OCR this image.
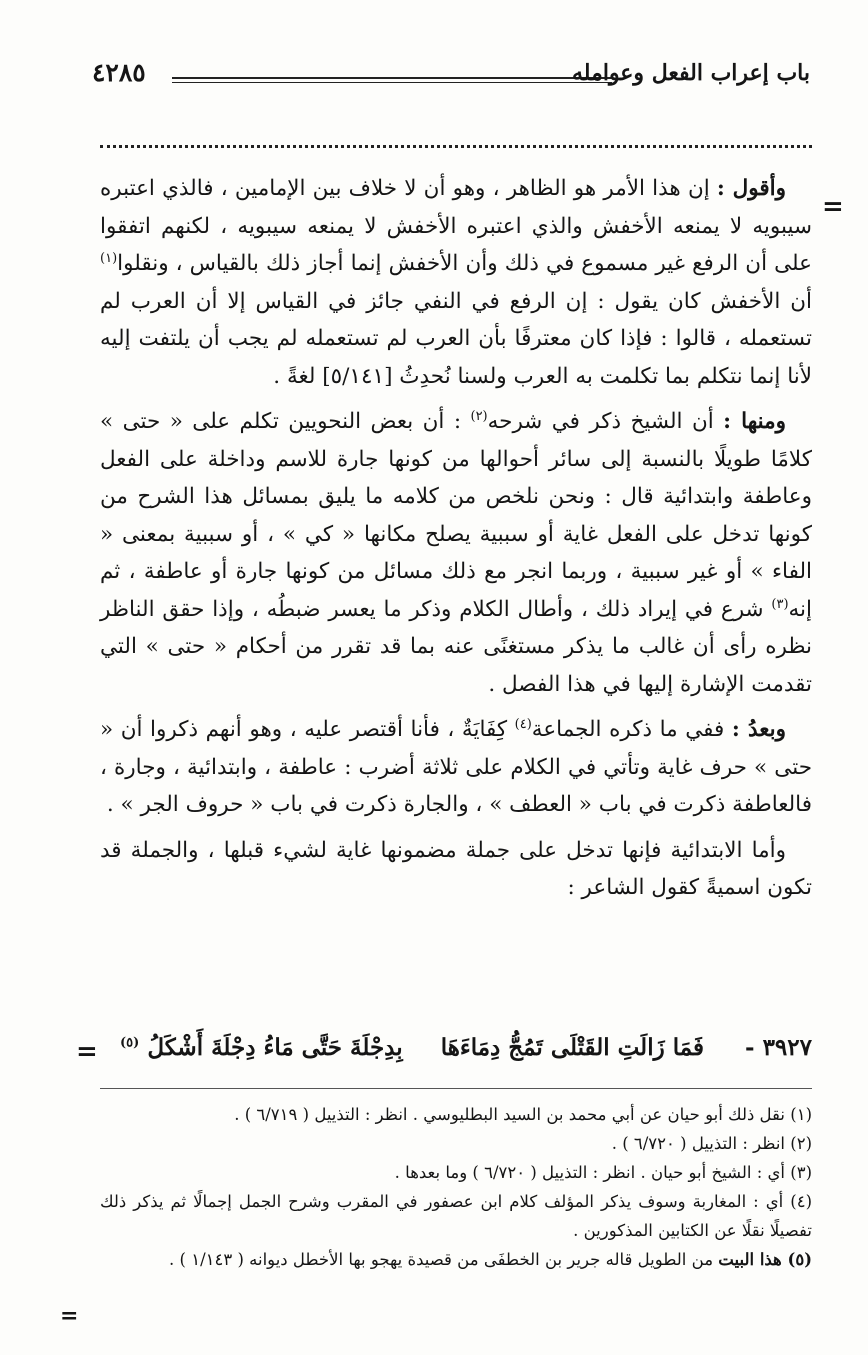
٤٢٨٥	باب إعراب الفعل وعوامله
=

وأقول : إن هذا الأمر هو الظاهر ، وهو أن لا خلاف بين الإمامين ، فالذي اعتبره سيبويه لا يمنعه الأخفش والذي اعتبره الأخفش لا يمنعه سيبويه ، لكنهم اتفقوا على أن الرفع غير مسموع في ذلك وأن الأخفش إنما أجاز ذلك بالقياس ، ونقلوا$^{(١)}$ أن الأخفش كان يقول : إن الرفع في النفي جائز في القياس إلا أن العرب لم تستعمله ، قالوا : فإذا كان معترفًا بأن العرب لم تستعمله لم يجب أن يلتفت إليه لأنا إنما نتكلم بما تكلمت به العرب ولسنا نُحدِثُ [٥/١٤١] لغةً .

ومنها : أن الشيخ ذكر في شرحه$^{(٢)}$ : أن بعض النحويين تكلم على « حتى » كلامًا طويلًا بالنسبة إلى سائر أحوالها من كونها جارة للاسم وداخلة على الفعل وعاطفة وابتدائية قال : ونحن نلخص من كلامه ما يليق بمسائل هذا الشرح من كونها تدخل على الفعل غاية أو سببية يصلح مكانها « كي » ، أو سببية بمعنى « الفاء » أو غير سببية ، وربما انجر مع ذلك مسائل من كونها جارة أو عاطفة ، ثم إنه$^{(٣)}$ شرع في إيراد ذلك ، وأطال الكلام وذكر ما يعسر ضبطُه ، وإذا حقق الناظر نظره رأى أن غالب ما يذكر مستغنًى عنه بما قد تقرر من أحكام « حتى » التي تقدمت الإشارة إليها في هذا الفصل .

وبعدُ : ففي ما ذكره الجماعة$^{(٤)}$ كِفَايَةٌ ، فأنا أقتصر عليه ، وهو أنهم ذكروا أن « حتى » حرف غاية وتأتي في الكلام على ثلاثة أضرب : عاطفة ، وابتدائية ، وجارة ، فالعاطفة ذكرت في باب « العطف » ، والجارة ذكرت في باب « حروف الجر » .

وأما الابتدائية فإنها تدخل على جملة مضمونها غاية لشيء قبلها ، والجملة قد تكون اسميةً كقول الشاعر :

٣٩٢٧ -
فَمَا زَالَتِ القَتْلَى تَمُجُّ دِمَاءَهَا
بِدِجْلَةَ حَتَّى مَاءُ دِجْلَةَ أَشْكَلُ $^{(٥)}$
=
(١) نقل ذلك أبو حيان عن أبي محمد بن السيد البطليوسي . انظر : التذييل ( ٦/٧١٩ ) .
(٢) انظر : التذييل ( ٦/٧٢٠ ) .
(٣) أي : الشيخ أبو حيان . انظر : التذييل ( ٦/٧٢٠ ) وما بعدها .
(٤) أي : المغاربة وسوف يذكر المؤلف كلام ابن عصفور في المقرب وشرح الجمل إجمالًا ثم يذكر ذلك تفصيلًا نقلًا عن الكتابين المذكورين .
(٥) هذا البيت من الطويل قاله جرير بن الخطفَى من قصيدة يهجو بها الأخطل ديوانه ( ١/١٤٣ ) .
=
